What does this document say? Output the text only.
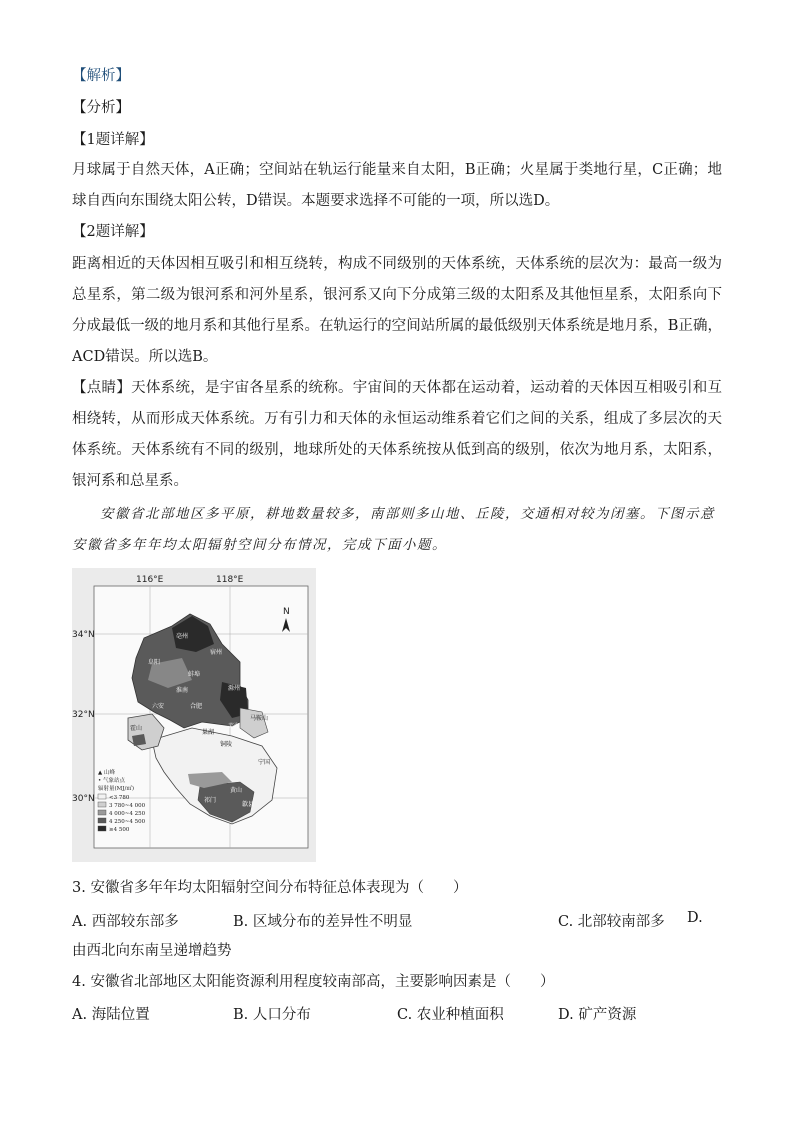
【解析】
【分析】
【1题详解】
月球属于自然天体，A正确；空间站在轨运行能量来自太阳，B正确；火星属于类地行星，C正确；地球自西向东围绕太阳公转，D错误。本题要求选择不可能的一项，所以选D。
【2题详解】
距离相近的天体因相互吸引和相互绕转，构成不同级别的天体系统，天体系统的层次为：最高一级为总星系，第二级为银河系和河外星系，银河系又向下分成第三级的太阳系及其他恒星系，太阳系向下分成最低一级的地月系和其他行星系。在轨运行的空间站所属的最低级别天体系统是地月系，B正确，ACD错误。所以选B。
【点睛】天体系统，是宇宙各星系的统称。宇宙间的天体都在运动着，运动着的天体因互相吸引和互相绕转，从而形成天体系统。万有引力和天体的永恒运动维系着它们之间的关系，组成了多层次的天体系统。天体系统有不同的级别，地球所处的天体系统按从低到高的级别，依次为地月系，太阳系，银河系和总星系。
安徽省北部地区多平原，耕地数量较多，南部则多山地、丘陵，交通相对较为闭塞。下图示意安徽省多年年均太阳辐射空间分布情况，完成下面小题。
116°E	118°E
34°N
32°N
30°N
N
亳州
宿州
阜阳
蚌埠
淮南	滁州
六安	合肥
霍山
马鞍山
芜湖
铜陵
宁国
黄山
祁门
歙县
巢湖
▲ 山峰
• 气象站点
辐射量(MJ/㎡)
<3 780
3 780~4 000
4 000~4 250
4 250~4 500
≥4 500
3. 安徽省多年年均太阳辐射空间分布特征总体表现为（　　）
A. 西部较东部多	B. 区域分布的差异性不明显	C. 北部较南部多 D.
由西北向东南呈递增趋势
4. 安徽省北部地区太阳能资源利用程度较南部高，主要影响因素是（　　）
A. 海陆位置	B. 人口分布	C. 农业种植面积	D. 矿产资源
